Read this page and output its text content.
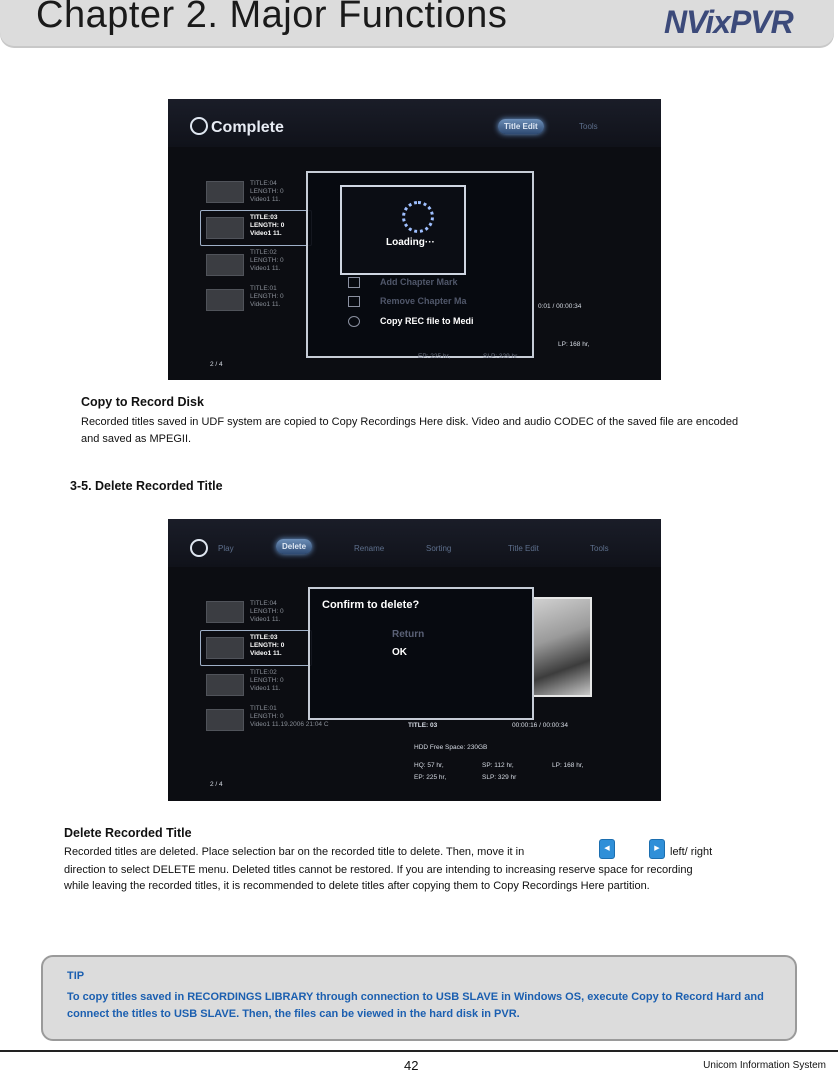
Chapter 2. Major Functions	NVixPVR
Complete	Title Edit	Tools
TITLE:04
LENGTH: 0
Video1 11.
TITLE:03
LENGTH: 0
Video1 11.
TITLE:02
LENGTH: 0
Video1 11.
TITLE:01
LENGTH: 0
Video1 11.
Loading···
Add Chapter Mark
Remove Chapter Ma
Copy REC file to Medi
0:01 / 00:00:34
LP: 168 hr,
EP: 225 hr,	SLP: 329 hr
2 / 4
Copy to Record Disk
Recorded titles saved in UDF system are copied to Copy Recordings Here disk. Video and audio CODEC of the saved file are encoded and saved as MPEGII.
3-5. Delete Recorded Title
Play	Delete	Rename	Sorting	Title Edit	Tools
TITLE:04
LENGTH: 0
Video1 11.
TITLE:03
LENGTH: 0
Video1 11.
TITLE:02
LENGTH: 0
Video1 11.
TITLE:01
LENGTH: 0
Video1 11.19.2006 21:04 C
Confirm to delete?
Return
OK
TITLE: 03	00:00:16 / 00:00:34
HDD Free Space: 230GB
HQ: 57 hr,	SP: 112 hr,	LP: 168 hr,
EP: 225 hr,	SLP: 329 hr
2 / 4
Delete Recorded Title
Recorded titles are deleted. Place selection bar on the recorded title to delete. Then, move it in	◀	▶ left/ right
direction to select DELETE menu. Deleted titles cannot be restored. If you are intending to increasing reserve space for recording
while leaving the recorded titles, it is recommended to delete titles after copying them to Copy Recordings Here partition.
TIP
To copy titles saved in RECORDINGS LIBRARY through connection to USB SLAVE in Windows OS, execute Copy to Record Hard and connect the titles to USB SLAVE. Then, the files can be viewed in the hard disk in PVR.
42	Unicom Information System
